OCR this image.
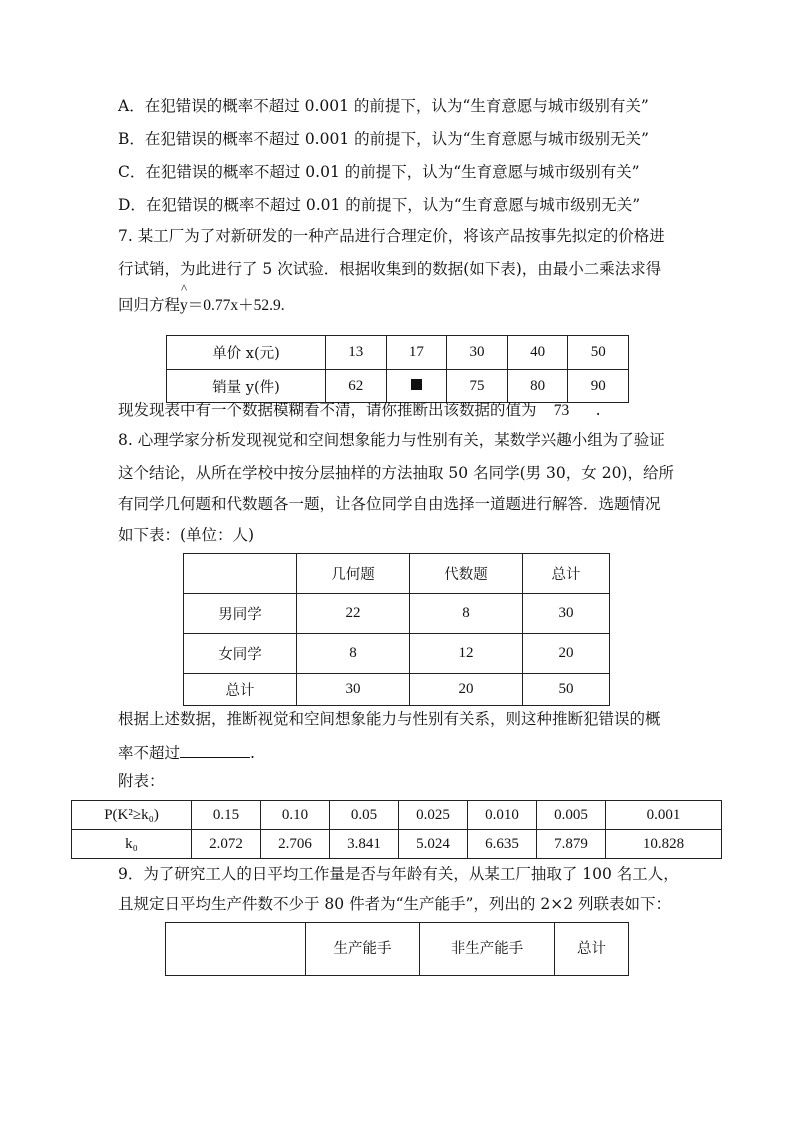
A．在犯错误的概率不超过 0.001 的前提下，认为“生育意愿与城市级别有关”
B．在犯错误的概率不超过 0.001 的前提下，认为“生育意愿与城市级别无关”
C．在犯错误的概率不超过 0.01 的前提下，认为“生育意愿与城市级别有关”
D．在犯错误的概率不超过 0.01 的前提下，认为“生育意愿与城市级别无关”
7. 某工厂为了对新研发的一种产品进行合理定价，将该产品按事先拟定的价格进
行试销，为此进行了 5 次试验．根据收集到的数据(如下表)，由最小二乘法求得
回归方程
^
y＝0.77x＋52.9.
单价 x(元)	13	17	30	40	50
销量 y(件)	62		75	80	90
现发现表中有一个数据模糊看不清，请你推断出该数据的值为 73 .
8. 心理学家分析发现视觉和空间想象能力与性别有关，某数学兴趣小组为了验证
这个结论，从所在学校中按分层抽样的方法抽取 50 名同学(男 30，女 20)，给所
有同学几何题和代数题各一题，让各位同学自由选择一道题进行解答．选题情况
如下表：(单位：人)
	几何题	代数题	总计
男同学	22	8	30
女同学	8	12	20
总计	30	20	50
根据上述数据，推断视觉和空间想象能力与性别有关系，则这种推断犯错误的概
率不超过	.
附表：
P(K²≥k₀)	0.15	0.10	0.05	0.025	0.010	0.005	0.001
k₀	2.072	2.706	3.841	5.024	6.635	7.879	10.828
9．为了研究工人的日平均工作量是否与年龄有关，从某工厂抽取了 100 名工人，
且规定日平均生产件数不少于 80 件者为“生产能手”，列出的 2×2 列联表如下：
	生产能手	非生产能手	总计
